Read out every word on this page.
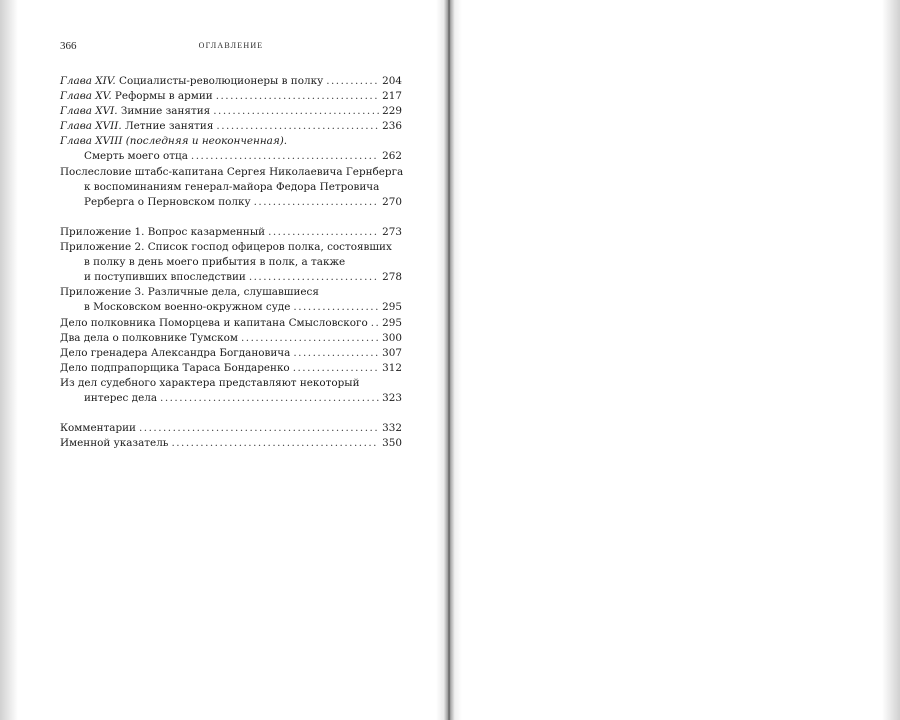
366	ОГЛАВЛЕНИЕ
Глава XIV. Социалисты-революционеры в полку .....	204
Глава XV. Реформы в армии .....	217
Глава XVI. Зимние занятия .....	229
Глава XVII. Летние занятия .....	236
Глава XVIII (последняя и неоконченная).
Смерть моего отца .....	262
Послесловие штабс-капитана Сергея Николаевича Гернберга
к воспоминаниям генерал-майора Федора Петровича
Рерберга о Перновском полку .....	270
Приложение 1. Вопрос казарменный .....	273
Приложение 2. Список господ офицеров полка, состоявших
в полку в день моего прибытия в полк, а также
и поступивших впоследствии .....	278
Приложение 3. Различные дела, слушавшиеся
в Московском военно-окружном суде .....	295
Дело полковника Поморцева и капитана Смысловского ..... 295
Два дела о полковнике Тумском .....	300
Дело гренадера Александра Богдановича .....	307
Дело подпрапорщика Тараса Бондаренко .....	312
Из дел судебного характера представляют некоторый
интерес дела .....	323
Комментарии .....	332
Именной указатель .....	350
